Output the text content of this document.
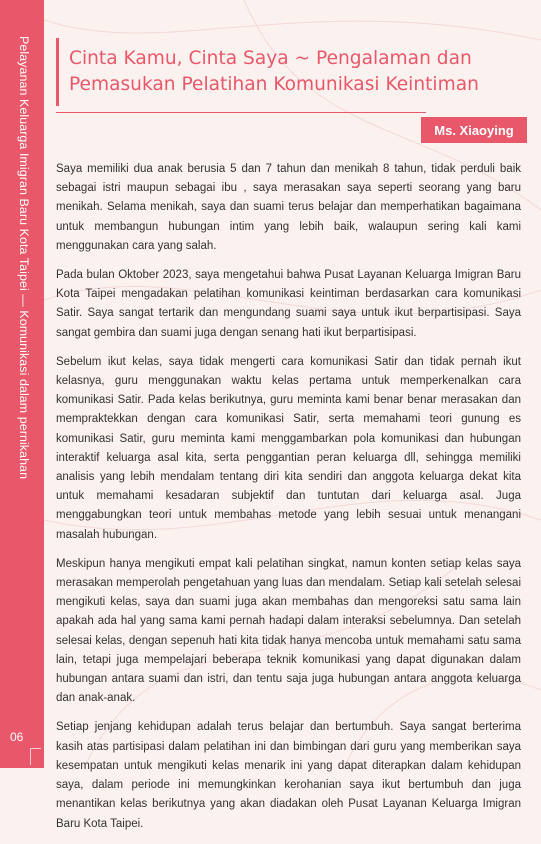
Pelayanan Keluarga Imigran Baru Kota Taipei — Komunikasi dalam pernikahan
06
Cinta Kamu, Cinta Saya ~ Pengalaman dan Pemasukan Pelatihan Komunikasi Keintiman
Ms. Xiaoying

Saya memiliki dua anak berusia 5 dan 7 tahun dan menikah 8 tahun, tidak perduli baik sebagai istri maupun sebagai ibu , saya merasakan saya seperti seorang yang baru menikah. Selama menikah, saya dan suami terus belajar dan memperhatikan bagaimana untuk membangun hubungan intim yang lebih baik, walaupun sering kali kami menggunakan cara yang salah.

Pada bulan Oktober 2023, saya mengetahui bahwa Pusat Layanan Keluarga Imigran Baru Kota Taipei mengadakan pelatihan komunikasi keintiman berdasarkan cara komunikasi Satir. Saya sangat tertarik dan mengundang suami saya untuk ikut berpartisipasi. Saya sangat gembira dan suami juga dengan senang hati ikut berpartisipasi.

Sebelum ikut kelas, saya tidak mengerti cara komunikasi Satir dan tidak pernah ikut kelasnya, guru menggunakan waktu kelas pertama untuk memperkenalkan cara komunikasi Satir. Pada kelas berikutnya, guru meminta kami benar benar merasakan dan mempraktekkan dengan cara komunikasi Satir, serta memahami teori gunung es komunikasi Satir, guru meminta kami menggambarkan pola komunikasi dan hubungan interaktif keluarga asal kita, serta penggantian peran keluarga dll, sehingga memiliki analisis yang lebih mendalam tentang diri kita sendiri dan anggota keluarga dekat kita untuk memahami kesadaran subjektif dan tuntutan dari keluarga asal. Juga menggabungkan teori untuk membahas metode yang lebih sesuai untuk menangani masalah hubungan.

Meskipun hanya mengikuti empat kali pelatihan singkat, namun konten setiap kelas saya merasakan memperolah pengetahuan yang luas dan mendalam. Setiap kali setelah selesai mengikuti kelas, saya dan suami juga akan membahas dan mengoreksi satu sama lain apakah ada hal yang sama kami pernah hadapi dalam interaksi sebelumnya. Dan setelah selesai kelas, dengan sepenuh hati kita tidak hanya mencoba untuk memahami satu sama lain, tetapi juga mempelajari beberapa teknik komunikasi yang dapat digunakan dalam hubungan antara suami dan istri, dan tentu saja juga hubungan antara anggota keluarga dan anak-anak.

Setiap jenjang kehidupan adalah terus belajar dan bertumbuh. Saya sangat berterima kasih atas partisipasi dalam pelatihan ini dan bimbingan dari guru yang memberikan saya kesempatan untuk mengikuti kelas menarik ini yang dapat diterapkan dalam kehidupan saya, dalam periode ini memungkinkan kerohanian saya ikut bertumbuh dan juga menantikan kelas berikutnya yang akan diadakan oleh Pusat Layanan Keluarga Imigran Baru Kota Taipei.
